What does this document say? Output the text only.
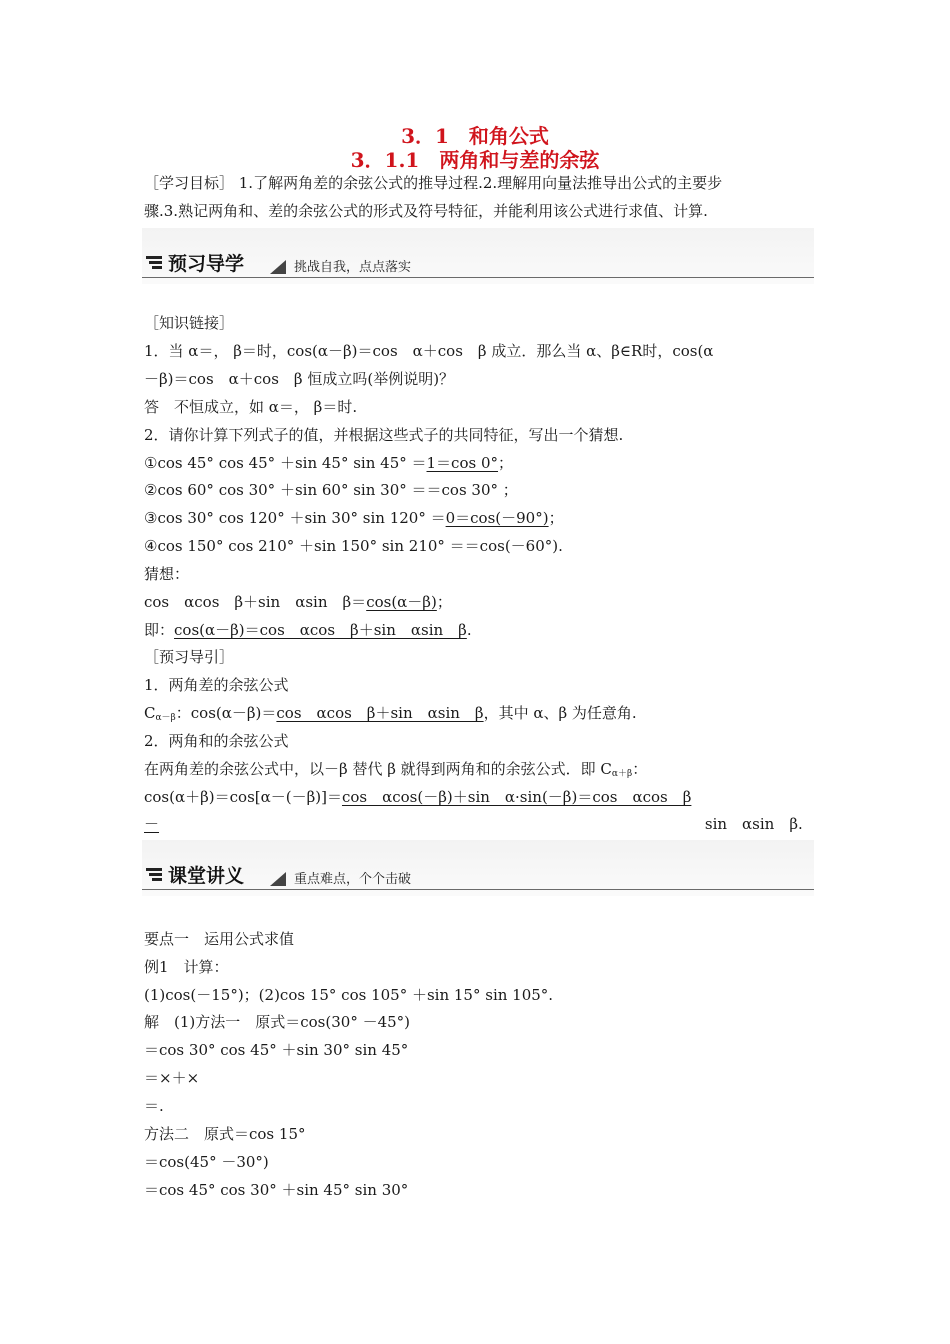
3．1　和角公式
3．1.1　两角和与差的余弦
［学习目标］ 1.了解两角差的余弦公式的推导过程.2.理解用向量法推导出公式的主要步
骤.3.熟记两角和、差的余弦公式的形式及符号特征，并能利用该公式进行求值、计算.
预习导学	挑战自我，点点落实
［知识链接］
1．当 α＝， β＝时，cos(α－β)＝cos　α＋cos　β 成立．那么当 α、β∈R时，cos(α
－β)＝cos　α＋cos　β 恒成立吗(举例说明)？
答　不恒成立，如 α＝， β＝时.
2．请你计算下列式子的值，并根据这些式子的共同特征，写出一个猜想.
①cos 45° cos 45° ＋sin 45° sin 45° ＝1＝cos 0°；
②cos 60° cos 30° ＋sin 60° sin 30° ＝＝cos 30° ；
③cos 30° cos 120° ＋sin 30° sin 120° ＝0＝cos(－90°)；
④cos 150° cos 210° ＋sin 150° sin 210° ＝＝cos(－60°).
猜想：
cos　αcos　β＋sin　αsin　β＝cos(α－β)；
即：cos(α－β)＝cos　αcos　β＋sin　αsin　β.
［预习导引］
1．两角差的余弦公式
$C_{\alpha-\beta}$：cos(α－β)＝cos　αcos　β＋sin　αsin　β，其中 α、β 为任意角.
2．两角和的余弦公式
在两角差的余弦公式中，以－β 替代 β 就得到两角和的余弦公式．即 $C_{\alpha+\beta}$：
cos(α＋β)＝cos[α－(－β)]＝cos　αcos(－β)＋sin　α·sin(－β)＝cos　αcos　β
－	sin　αsin　β .
课堂讲义	重点难点，个个击破
要点一　运用公式求值
例1　计算：
(1)cos(－15°)；(2)cos 15° cos 105° ＋sin 15° sin 105°.
解　(1)方法一　原式＝cos(30° －45°)
＝cos 30° cos 45° ＋sin 30° sin 45°
＝×＋×
＝.
方法二　原式＝cos 15°
＝cos(45° －30°)
＝cos 45° cos 30° ＋sin 45° sin 30°
